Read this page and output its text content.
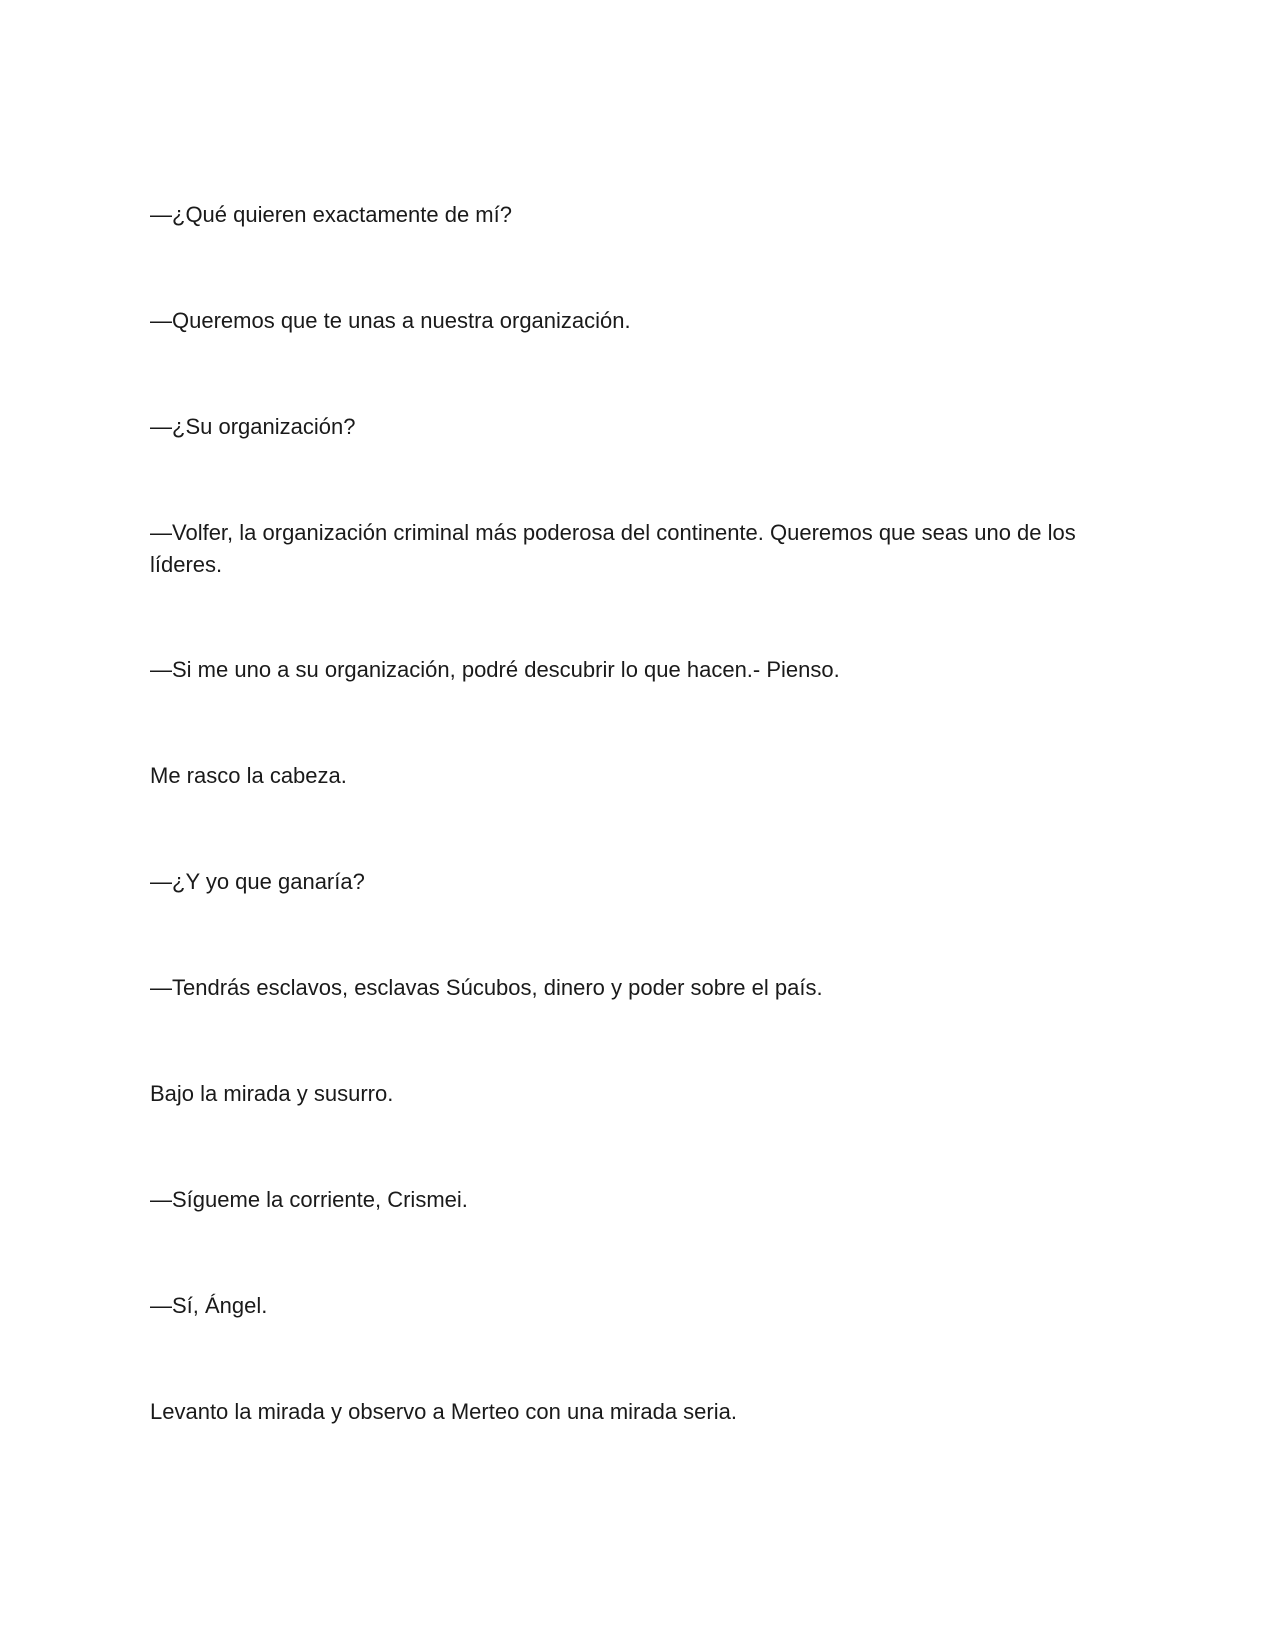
—¿Qué quieren exactamente de mí?

—Queremos que te unas a nuestra organización.

—¿Su organización?

—Volfer, la organización criminal más poderosa del continente. Queremos que seas uno de los líderes.

—Si me uno a su organización, podré descubrir lo que hacen.- Pienso.

Me rasco la cabeza.

—¿Y yo que ganaría?

—Tendrás esclavos, esclavas Súcubos, dinero y poder sobre el país.

Bajo la mirada y susurro.

—Sígueme la corriente, Crismei.

—Sí, Ángel.

Levanto la mirada y observo a Merteo con una mirada seria.
